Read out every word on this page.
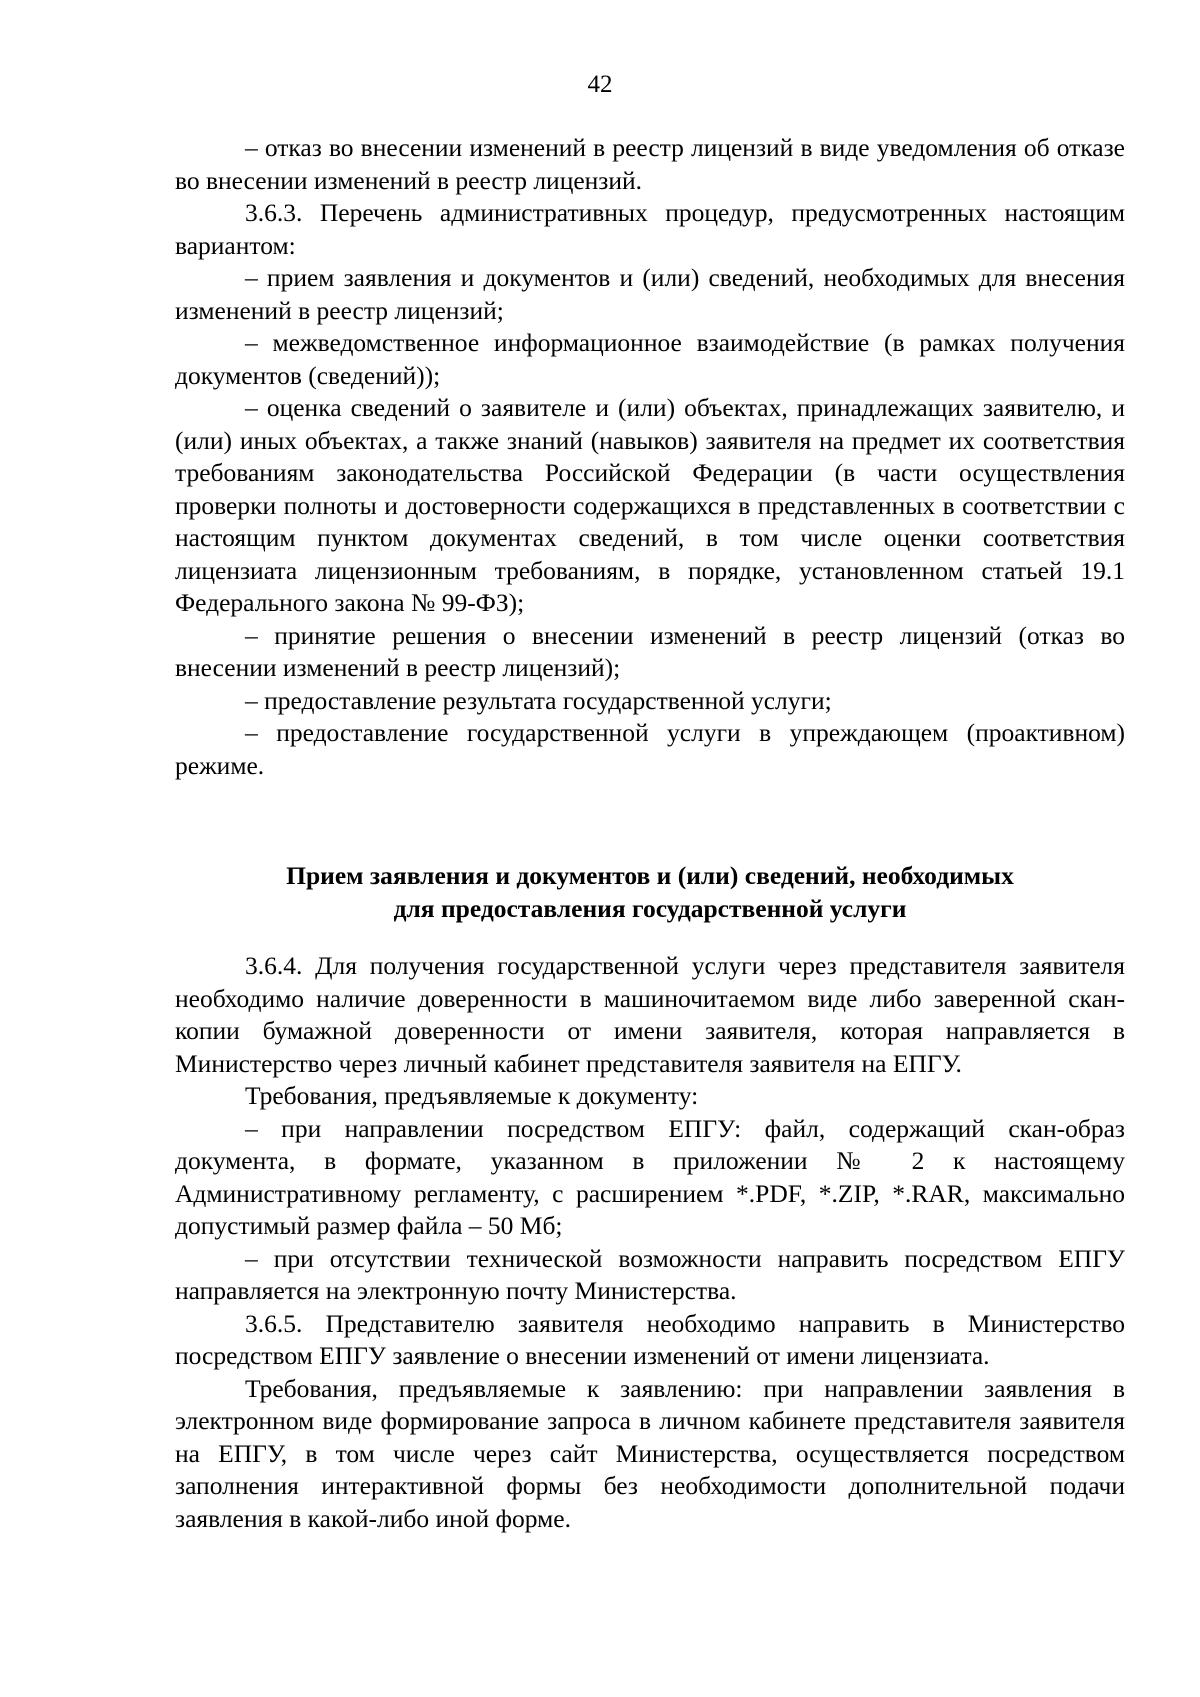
42

– отказ во внесении изменений в реестр лицензий в виде уведомления об отказе во внесении изменений в реестр лицензий.

3.6.3. Перечень административных процедур, предусмотренных настоящим вариантом:

– прием заявления и документов и (или) сведений, необходимых для внесения изменений в реестр лицензий;

– межведомственное информационное взаимодействие (в рамках получения документов (сведений));

– оценка сведений о заявителе и (или) объектах, принадлежащих заявителю, и (или) иных объектах, а также знаний (навыков) заявителя на предмет их соответствия требованиям законодательства Российской Федерации (в части осуществления проверки полноты и достоверности содержащихся в представленных в соответствии с настоящим пунктом документах сведений, в том числе оценки соответствия лицензиата лицензионным требованиям, в порядке, установленном статьей 19.1 Федерального закона № 99-ФЗ);

– принятие решения о внесении изменений в реестр лицензий (отказ во внесении изменений в реестр лицензий);

– предоставление результата государственной услуги;

– предоставление государственной услуги в упреждающем (проактивном) режиме.

Прием заявления и документов и (или) сведений, необходимых
для предоставления государственной услуги

3.6.4. Для получения государственной услуги через представителя заявителя необходимо наличие доверенности в машиночитаемом виде либо заверенной скан-копии бумажной доверенности от имени заявителя, которая направляется в Министерство через личный кабинет представителя заявителя на ЕПГУ.

Требования, предъявляемые к документу:

– при направлении посредством ЕПГУ: файл, содержащий скан-образ документа, в формате, указанном в приложении № 2 к настоящему Административному регламенту, с расширением *.PDF, *.ZIP, *.RAR, максимально допустимый размер файла – 50 Мб;

– при отсутствии технической возможности направить посредством ЕПГУ направляется на электронную почту Министерства.

3.6.5. Представителю заявителя необходимо направить в Министерство посредством ЕПГУ заявление о внесении изменений от имени лицензиата.

Требования, предъявляемые к заявлению: при направлении заявления в электронном виде формирование запроса в личном кабинете представителя заявителя на ЕПГУ, в том числе через сайт Министерства, осуществляется посредством заполнения интерактивной формы без необходимости дополнительной подачи заявления в какой-либо иной форме.
